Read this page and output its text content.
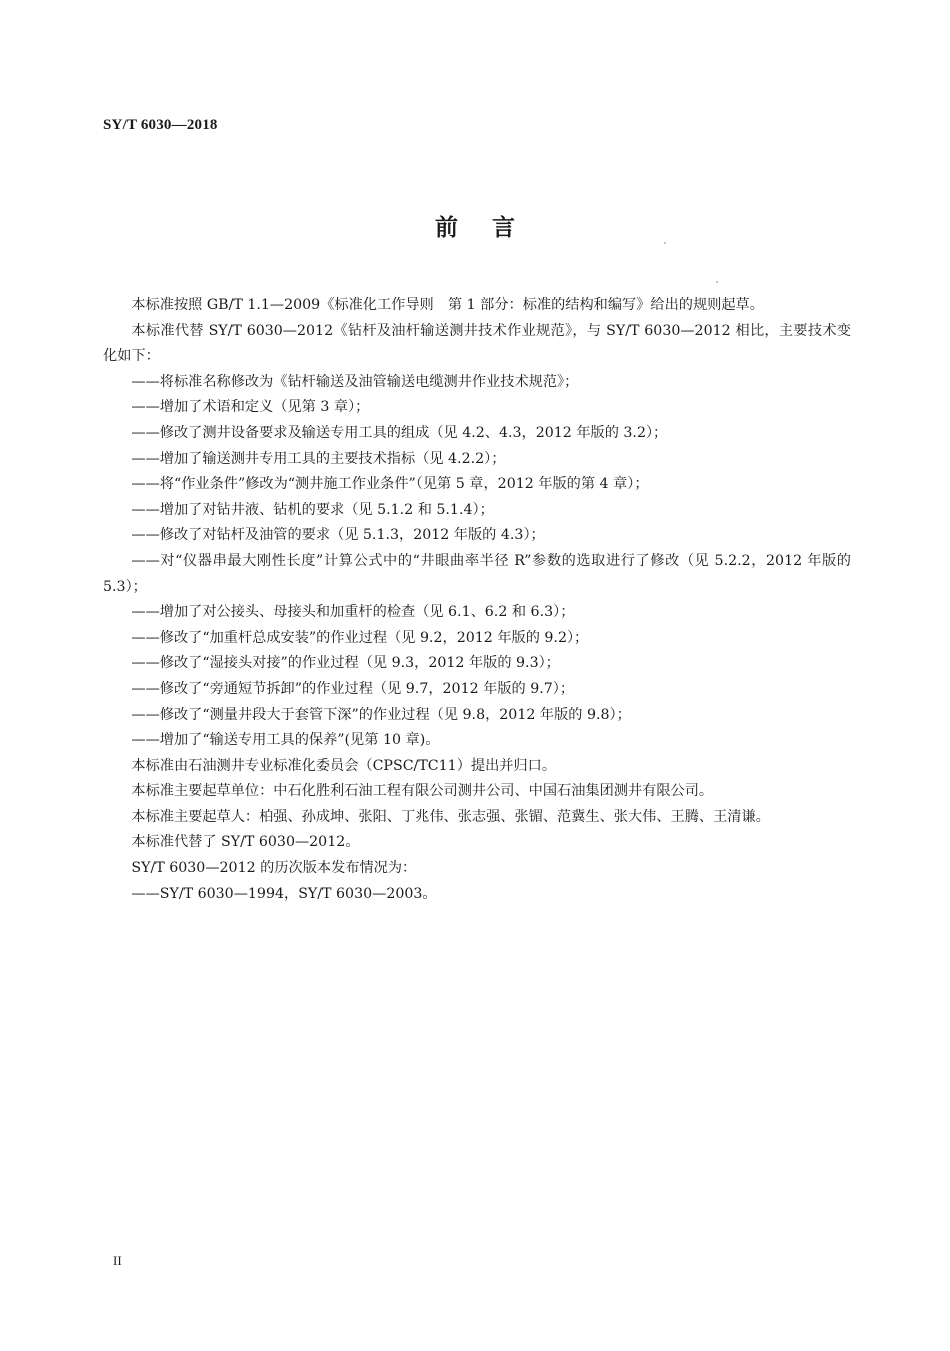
SY/T 6030—2018
前言

本标准按照 GB/T 1.1—2009《标准化工作导则　第 1 部分：标准的结构和编写》给出的规则起草。

本标准代替 SY/T 6030—2012《钻杆及油杆输送测井技术作业规范》，与 SY/T 6030—2012 相比，主要技术变化如下：

——将标准名称修改为《钻杆输送及油管输送电缆测井作业技术规范》；

——增加了术语和定义（见第 3 章）；

——修改了测井设备要求及输送专用工具的组成（见 4.2、4.3，2012 年版的 3.2）；

——增加了输送测井专用工具的主要技术指标（见 4.2.2）；

——将“作业条件”修改为“测井施工作业条件”（见第 5 章，2012 年版的第 4 章）；

——增加了对钻井液、钻机的要求（见 5.1.2 和 5.1.4）；

——修改了对钻杆及油管的要求（见 5.1.3，2012 年版的 4.3）；

——对“仪器串最大刚性长度”计算公式中的“井眼曲率半径 R”参数的选取进行了修改（见 5.2.2，2012 年版的 5.3）；

——增加了对公接头、母接头和加重杆的检查（见 6.1、6.2 和 6.3）；

——修改了“加重杆总成安装”的作业过程（见 9.2，2012 年版的 9.2）；

——修改了“湿接头对接”的作业过程（见 9.3，2012 年版的 9.3）；

——修改了“旁通短节拆卸”的作业过程（见 9.7，2012 年版的 9.7）；

——修改了“测量井段大于套管下深”的作业过程（见 9.8，2012 年版的 9.8）；

——增加了“输送专用工具的保养”(见第 10 章)。

本标准由石油测井专业标准化委员会（CPSC/TC11）提出并归口。

本标准主要起草单位：中石化胜利石油工程有限公司测井公司、中国石油集团测井有限公司。

本标准主要起草人：柏强、孙成坤、张阳、丁兆伟、张志强、张镅、范冀生、张大伟、王腾、王清谦。

本标准代替了 SY/T 6030—2012。

SY/T 6030—2012 的历次版本发布情况为：

——SY/T 6030—1994，SY/T 6030—2003。

II
